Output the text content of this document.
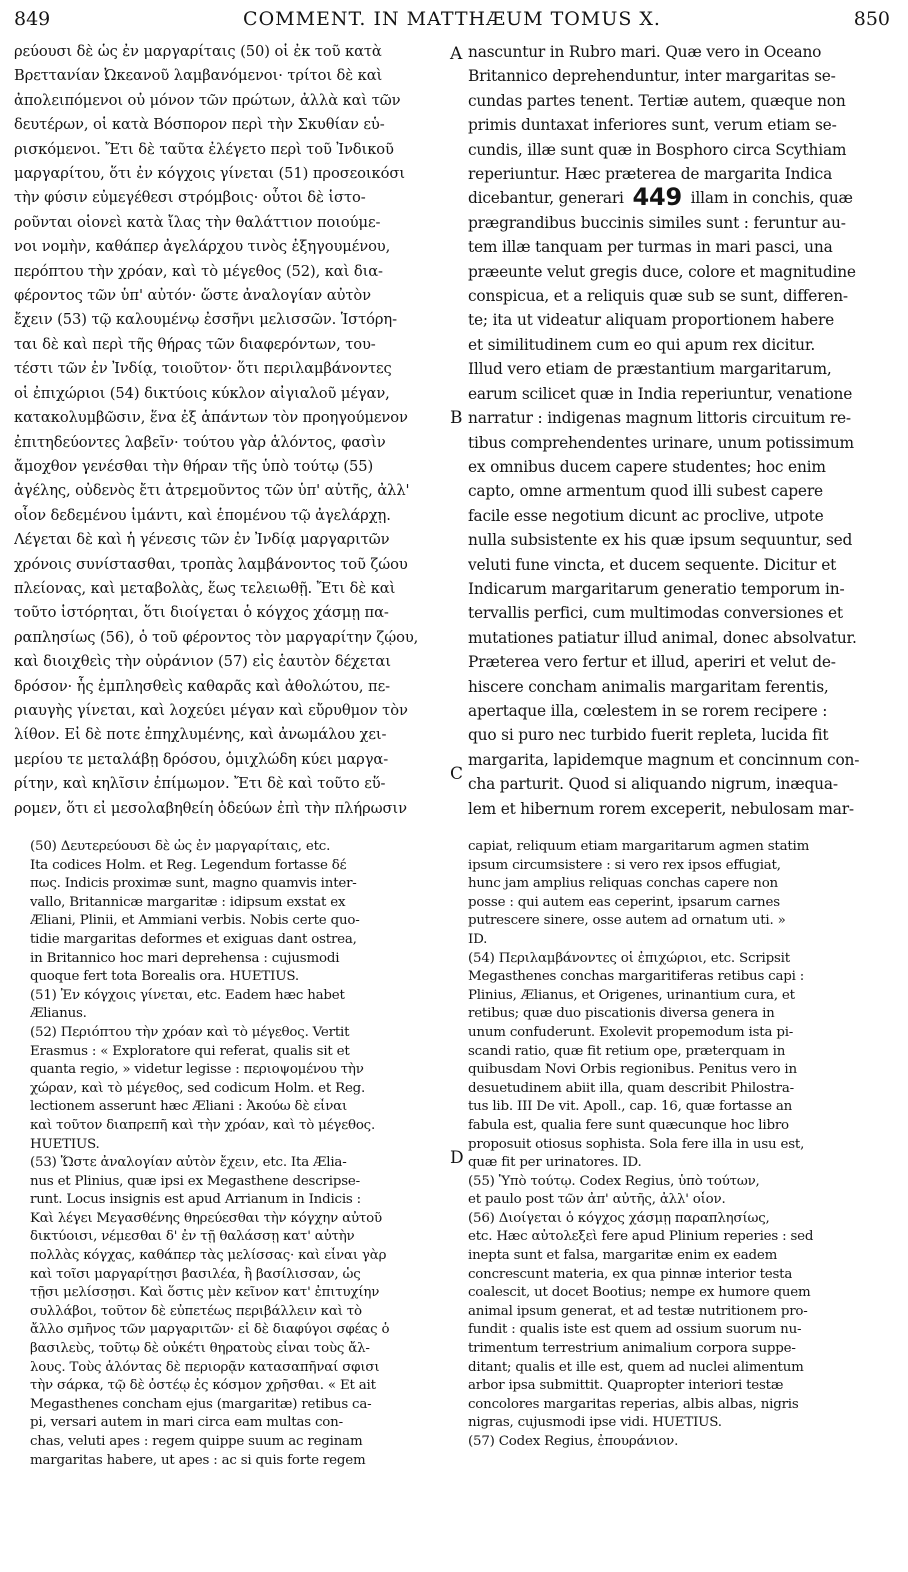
849	COMMENT. IN MATTHÆUM TOMUS X.	850
ρεύουσι δὲ ὡς ἐν μαργαρίταις (50) οἱ ἐκ τοῦ κατὰ
Βρεττανίαν Ὠκεανοῦ λαμβανόμενοι· τρίτοι δὲ καὶ
ἀπολειπόμενοι οὐ μόνον τῶν πρώτων, ἀλλὰ καὶ τῶν
δευτέρων, οἱ κατὰ Βόσπορον περὶ τὴν Σκυθίαν εὑ-
ρισκόμενοι. Ἔτι δὲ ταῦτα ἐλέγετο περὶ τοῦ Ἰνδικοῦ
μαργαρίτου, ὅτι ἐν κόγχοις γίνεται (51) προσεοικόσι
τὴν φύσιν εὐμεγέθεσι στρόμβοις· οὗτοι δὲ ἱστο-
ροῦνται οἱονεὶ κατὰ ἴλας τὴν θαλάττιον ποιούμε-
νοι νομὴν, καθάπερ ἀγελάρχου τινὸς ἐξηγουμένου,
περόπτου τὴν χρόαν, καὶ τὸ μέγεθος (52), καὶ δια-
φέροντος τῶν ὑπ' αὐτόν· ὥστε ἀναλογίαν αὐτὸν
ἔχειν (53) τῷ καλουμένῳ ἐσσῆνι μελισσῶν. Ἱστόρη-
ται δὲ καὶ περὶ τῆς θήρας τῶν διαφερόντων, του-
τέστι τῶν ἐν Ἰνδίᾳ, τοιοῦτον· ὅτι περιλαμβάνοντες
οἱ ἐπιχώριοι (54) δικτύοις κύκλον αἰγιαλοῦ μέγαν,
κατακολυμβῶσιν, ἕνα ἐξ ἁπάντων τὸν προηγούμενον
ἐπιτηδεύοντες λαβεῖν· τούτου γὰρ ἁλόντος, φασὶν
ἄμοχθον γενέσθαι τὴν θήραν τῆς ὑπὸ τούτῳ (55)
ἀγέλης, οὐδενὸς ἔτι ἀτρεμοῦντος τῶν ὑπ' αὐτῆς, ἀλλ'
οἷον δεδεμένου ἱμάντι, καὶ ἑπομένου τῷ ἀγελάρχῃ.
Λέγεται δὲ καὶ ἡ γένεσις τῶν ἐν Ἰνδίᾳ μαργαριτῶν
χρόνοις συνίστασθαι, τροπὰς λαμβάνοντος τοῦ ζώου
πλείονας, καὶ μεταβολὰς, ἕως τελειωθῇ. Ἔτι δὲ καὶ
τοῦτο ἱστόρηται, ὅτι διοίγεται ὁ κόγχος χάσμῃ πα-
ραπλησίως (56), ὁ τοῦ φέροντος τὸν μαργαρίτην ζῴου,
καὶ διοιχθεὶς τὴν οὐράνιον (57) εἰς ἑαυτὸν δέχεται
δρόσον· ἧς ἐμπλησθεὶς καθαρᾶς καὶ ἀθολώτου, πε-
ριαυγὴς γίνεται, καὶ λοχεύει μέγαν καὶ εὔρυθμον τὸν
λίθον. Εἰ δὲ ποτε ἐπηχλυμένης, καὶ ἀνωμάλου χει-
μερίου τε μεταλάβῃ δρόσου, ὁμιχλώδη κύει μαργα-
ρίτην, καὶ κηλῖσιν ἐπίμωμον. Ἔτι δὲ καὶ τοῦτο εὕ-
ρομεν, ὅτι εἰ μεσολαβηθείη ὁδεύων ἐπὶ τὴν πλήρωσιν
nascuntur in Rubro mari. Quæ vero in Oceano
Britannico deprehenduntur, inter margaritas se-
cundas partes tenent. Tertiæ autem, quæque non
primis duntaxat inferiores sunt, verum etiam se-
cundis, illæ sunt quæ in Bosphoro circa Scythiam
reperiuntur. Hæc præterea de margarita Indica
dicebantur, generari 449 illam in conchis, quæ
prægrandibus buccinis similes sunt : feruntur au-
tem illæ tanquam per turmas in mari pasci, una
præeunte velut gregis duce, colore et magnitudine
conspicua, et a reliquis quæ sub se sunt, differen-
te; ita ut videatur aliquam proportionem habere
et similitudinem cum eo qui apum rex dicitur.
Illud vero etiam de præstantium margaritarum,
earum scilicet quæ in India reperiuntur, venatione
narratur : indigenas magnum littoris circuitum re-
tibus comprehendentes urinare, unum potissimum
ex omnibus ducem capere studentes; hoc enim
capto, omne armentum quod illi subest capere
facile esse negotium dicunt ac proclive, utpote
nulla subsistente ex his quæ ipsum sequuntur, sed
veluti fune vincta, et ducem sequente. Dicitur et
Indicarum margaritarum generatio temporum in-
tervallis perfici, cum multimodas conversiones et
mutationes patiatur illud animal, donec absolvatur.
Præterea vero fertur et illud, aperiri et velut de-
hiscere concham animalis margaritam ferentis,
apertaque illa, cœlestem in se rorem recipere :
quo si puro nec turbido fuerit repleta, lucida fit
margarita, lapidemque magnum et concinnum con-
cha parturit. Quod si aliquando nigrum, inæqua-
lem et hibernum rorem exceperit, nebulosam mar-
A
B
C
D
(50) Δευτερεύουσι δὲ ὡς ἐν μαργαρίταις, etc.
Ita codices Holm. et Reg. Legendum fortasse δέ
πως. Indicis proximæ sunt, magno quamvis inter-
vallo, Britannicæ margaritæ : idipsum exstat ex
Æliani, Plinii, et Ammiani verbis. Nobis certe quo-
tidie margaritas deformes et exiguas dant ostrea,
in Britannico hoc mari deprehensa : cujusmodi
quoque fert tota Borealis ora. HUETIUS.
(51) Ἐν κόγχοις γίνεται, etc. Eadem hæc habet
Ælianus.
(52) Περιόπτου τὴν χρόαν καὶ τὸ μέγεθος. Vertit
Erasmus : « Exploratore qui referat, qualis sit et
quanta regio, » videtur legisse : περιοψομένου τὴν
χώραν, καὶ τὸ μέγεθος, sed codicum Holm. et Reg.
lectionem asserunt hæc Æliani : Ἀκούω δὲ εἶναι
καὶ τοῦτον διαπρεπῆ καὶ τὴν χρόαν, καὶ τὸ μέγεθος.
HUETIUS.
(53) Ὥστε ἀναλογίαν αὐτὸν ἔχειν, etc. Ita Ælia-
nus et Plinius, quæ ipsi ex Megasthene descripse-
runt. Locus insignis est apud Arrianum in Indicis :
Καὶ λέγει Μεγασθένης θηρεύεσθαι τὴν κόγχην αὐτοῦ
δικτύοισι, νέμεσθαι δ' ἐν τῇ θαλάσσῃ κατ' αὐτὴν
πολλὰς κόγχας, καθάπερ τὰς μελίσσας· καὶ εἶναι γὰρ
καὶ τοῖσι μαργαρίτῃσι βασιλέα, ἢ βασίλισσαν, ὡς
τῇσι μελίσσῃσι. Καὶ ὅστις μὲν κεῖνον κατ' ἐπιτυχίην
συλλάβοι, τοῦτον δὲ εὐπετέως περιβάλλειν καὶ τὸ
ἄλλο σμῆνος τῶν μαργαριτῶν· εἰ δὲ διαφύγοι σφέας ὁ
βασιλεὺς, τοῦτῳ δὲ οὐκέτι θηρατοὺς εἶναι τοὺς ἄλ-
λους. Τοὺς ἁλόντας δὲ περιορᾷν κατασαπῆναί σφισι
τὴν σάρκα, τῷ δὲ ὀστέῳ ἐς κόσμον χρῆσθαι. « Et ait
Megasthenes concham ejus (margaritæ) retibus ca-
pi, versari autem in mari circa eam multas con-
chas, veluti apes : regem quippe suum ac reginam
margaritas habere, ut apes : ac si quis forte regem
capiat, reliquum etiam margaritarum agmen statim
ipsum circumsistere : si vero rex ipsos effugiat,
hunc jam amplius reliquas conchas capere non
posse : qui autem eas ceperint, ipsarum carnes
putrescere sinere, osse autem ad ornatum uti. »
ID.
(54) Περιλαμβάνοντες οἱ ἐπιχώριοι, etc. Scripsit
Megasthenes conchas margaritiferas retibus capi :
Plinius, Ælianus, et Origenes, urinantium cura, et
retibus; quæ duo piscationis diversa genera in
unum confuderunt. Exolevit propemodum ista pi-
scandi ratio, quæ fit retium ope, præterquam in
quibusdam Novi Orbis regionibus. Penitus vero in
desuetudinem abiit illa, quam describit Philostra-
tus lib. III De vit. Apoll., cap. 16, quæ fortasse an
fabula est, qualia fere sunt quæcunque hoc libro
proposuit otiosus sophista. Sola fere illa in usu est,
quæ fit per urinatores. ID.
(55) Ὑπὸ τούτῳ. Codex Regius, ὑπὸ τούτων,
et paulo post τῶν ἀπ' αὐτῆς, ἀλλ' οἷον.
(56) Διοίγεται ὁ κόγχος χάσμῃ παραπλησίως,
etc. Hæc αὐτολεξεὶ fere apud Plinium reperies : sed
inepta sunt et falsa, margaritæ enim ex eadem
concrescunt materia, ex qua pinnæ interior testa
coalescit, ut docet Bootius; nempe ex humore quem
animal ipsum generat, et ad testæ nutritionem pro-
fundit : qualis iste est quem ad ossium suorum nu-
trimentum terrestrium animalium corpora suppe-
ditant; qualis et ille est, quem ad nuclei alimentum
arbor ipsa submittit. Quapropter interiori testæ
concolores margaritas reperias, albis albas, nigris
nigras, cujusmodi ipse vidi. HUETIUS.
(57) Codex Regius, ἐπουράνιον.
